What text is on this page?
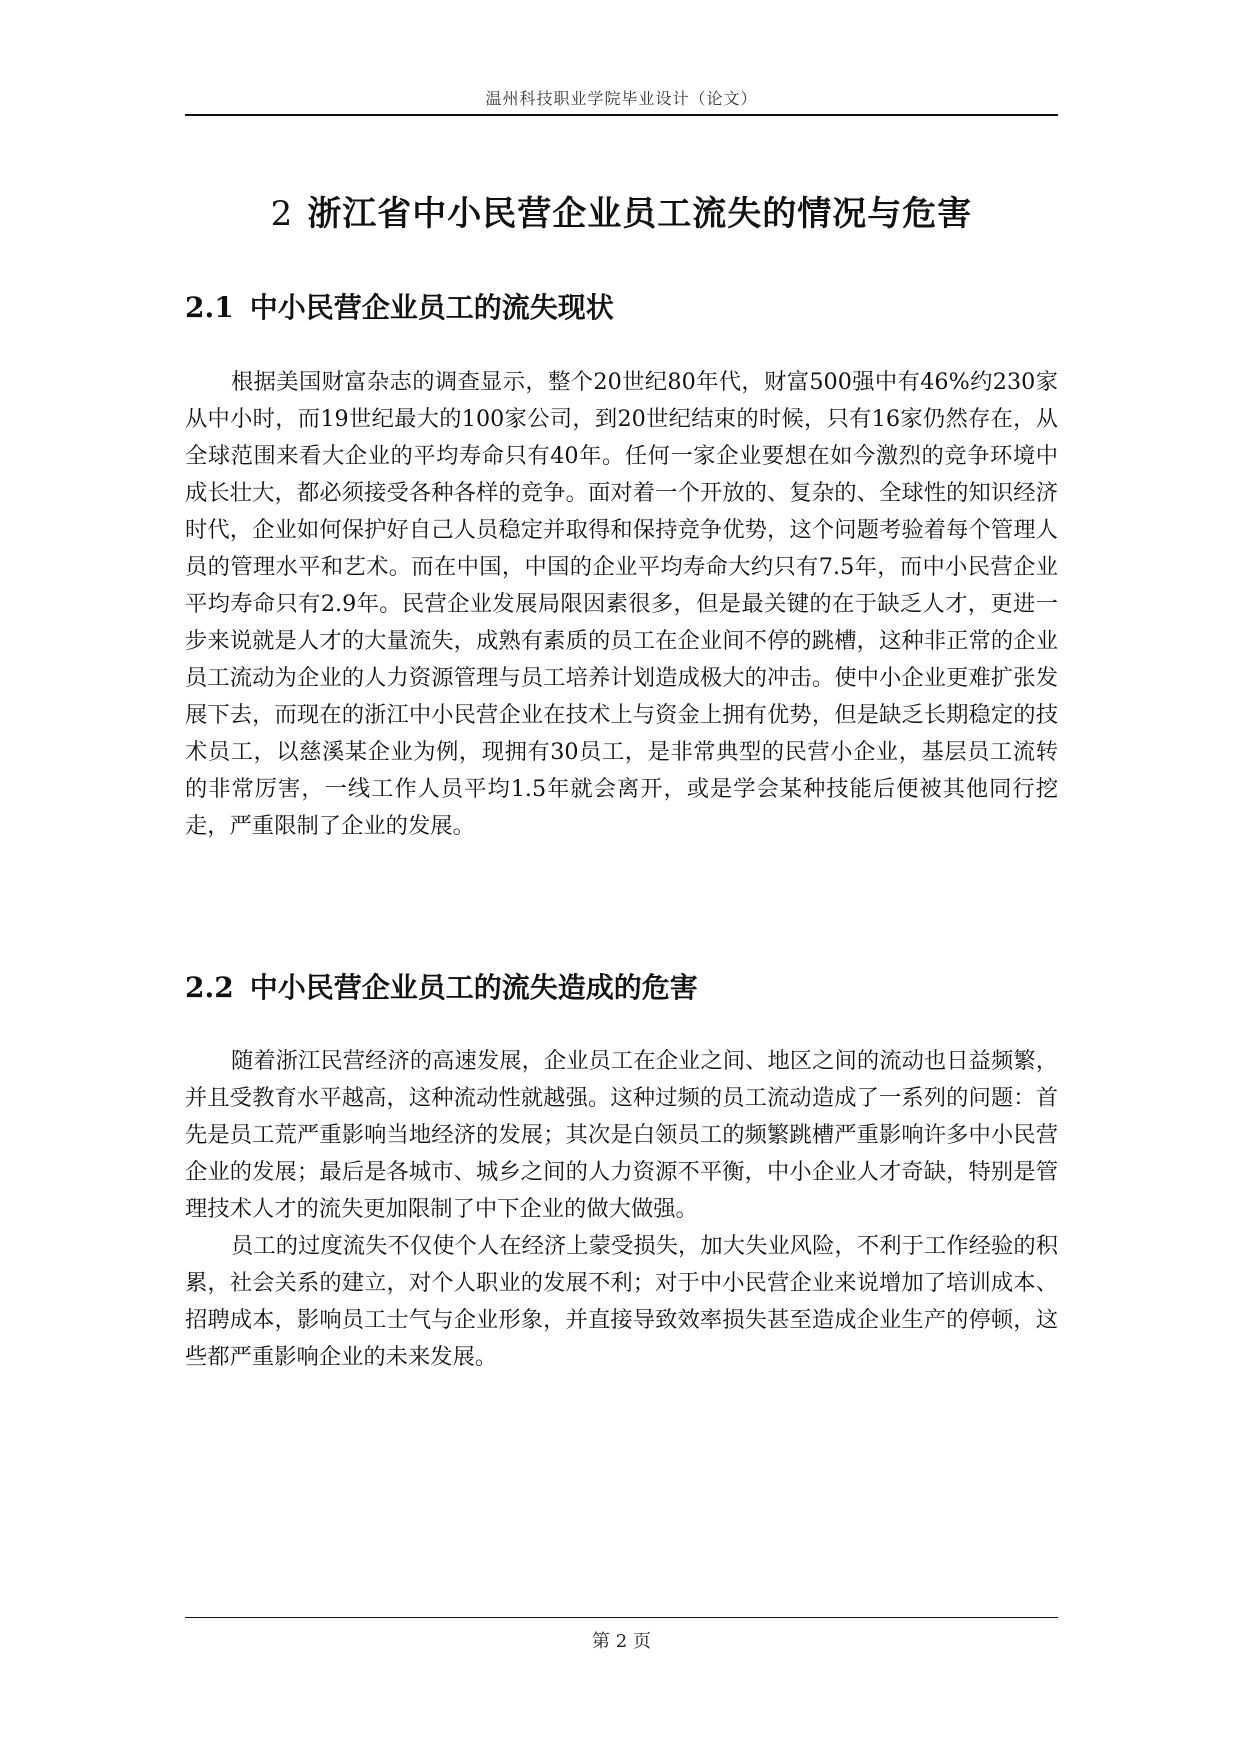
温州科技职业学院毕业设计（论文）
2 浙江省中小民营企业员工流失的情况与危害
2.1 中小民营企业员工的流失现状

根据美国财富杂志的调查显示，整个20世纪80年代，财富500强中有46%约230家从中小时，而19世纪最大的100家公司，到20世纪结束的时候，只有16家仍然存在，从全球范围来看大企业的平均寿命只有40年。任何一家企业要想在如今激烈的竞争环境中成长壮大，都必须接受各种各样的竞争。面对着一个开放的、复杂的、全球性的知识经济时代，企业如何保护好自己人员稳定并取得和保持竞争优势，这个问题考验着每个管理人员的管理水平和艺术。而在中国，中国的企业平均寿命大约只有7.5年，而中小民营企业平均寿命只有2.9年。民营企业发展局限因素很多，但是最关键的在于缺乏人才，更进一步来说就是人才的大量流失，成熟有素质的员工在企业间不停的跳槽，这种非正常的企业员工流动为企业的人力资源管理与员工培养计划造成极大的冲击。使中小企业更难扩张发展下去，而现在的浙江中小民营企业在技术上与资金上拥有优势，但是缺乏长期稳定的技术员工，以慈溪某企业为例，现拥有30员工，是非常典型的民营小企业，基层员工流转的非常厉害，一线工作人员平均1.5年就会离开，或是学会某种技能后便被其他同行挖走，严重限制了企业的发展。

2.2 中小民营企业员工的流失造成的危害

随着浙江民营经济的高速发展，企业员工在企业之间、地区之间的流动也日益频繁，并且受教育水平越高，这种流动性就越强。这种过频的员工流动造成了一系列的问题：首先是员工荒严重影响当地经济的发展；其次是白领员工的频繁跳槽严重影响许多中小民营企业的发展；最后是各城市、城乡之间的人力资源不平衡，中小企业人才奇缺，特别是管理技术人才的流失更加限制了中下企业的做大做强。

员工的过度流失不仅使个人在经济上蒙受损失，加大失业风险，不利于工作经验的积累，社会关系的建立，对个人职业的发展不利；对于中小民营企业来说增加了培训成本、招聘成本，影响员工士气与企业形象，并直接导致效率损失甚至造成企业生产的停顿，这些都严重影响企业的未来发展。

第 2 页
